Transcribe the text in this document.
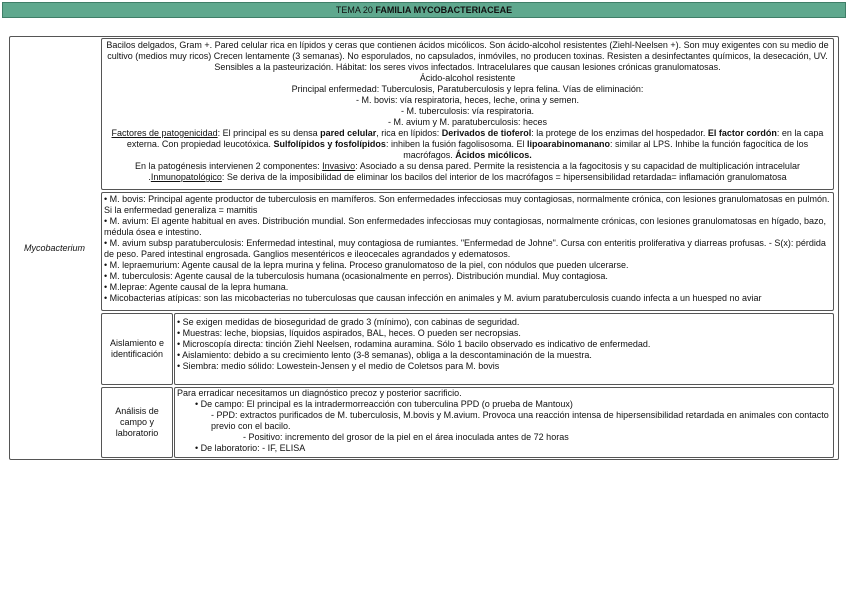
TEMA 20 FAMILIA MYCOBACTERIACEAE
Mycobacterium

Bacilos delgados, Gram +. Pared celular rica en lípidos y ceras que contienen ácidos micólicos. Son ácido-alcohol resistentes (Ziehl-Neelsen +). Son muy exigentes con su medio de cultivo (medios muy ricos) Crecen lentamente (3 semanas). No esporulados, no capsulados, inmóviles, no producen toxinas. Resisten a desinfectantes químicos, la desecación, UV. Sensibles a la pasteurización. Hábitat: los seres vivos infectados. Intracelulares que causan lesiones crónicas granulomatosas.

Ácido-alcohol resistente

Principal enfermedad: Tuberculosis, Paratuberculosis y lepra felina. Vías de eliminación:

- M. bovis: vía respiratoria, heces, leche, orina y semen.

- M. tuberculosis: vía respiratoria.

- M. avium y M. paratuberculosis: heces

Factores de patogenicidad: El principal es su densa pared celular, rica en lípidos: Derivados de tioferol: la protege de los enzimas del hospedador. El factor cordón: en la capa externa. Con propiedad leucotóxica. Sulfolípidos y fosfolípidos: inhiben la fusión fagolisosoma. El lipoarabinomanano: similar al LPS. Inhibe la función fagocítica de los macrófagos. Ácidos micólicos.

En la patogénesis intervienen 2 componentes: Invasivo: Asociado a su densa pared. Permite la resistencia a la fagocitosis y su capacidad de multiplicación intracelular .Inmunopatológico: Se deriva de la imposibilidad de eliminar los bacilos del interior de los macrófagos = hipersensibilidad retardada= inflamación granulomatosa

• M. bovis: Principal agente productor de tuberculosis en mamíferos. Son enfermedades infecciosas muy contagiosas, normalmente crónica, con lesiones granulomatosas en pulmón. Si la enfermedad generaliza = mamitis

• M. avium: El agente habitual en aves. Distribución mundial. Son enfermedades infecciosas muy contagiosas, normalmente crónicas, con lesiones granulomatosas en hígado, bazo, médula ósea e intestino.

• M. avium subsp paratuberculosis: Enfermedad intestinal, muy contagiosa de rumiantes. "Enfermedad de Johne". Cursa con enteritis proliferativa y diarreas profusas. - S(x): pérdida de peso. Pared intestinal engrosada. Ganglios mesentéricos e ileocecales agrandados y edematosos.

• M. lepraemurium: Agente causal de la lepra murina y felina. Proceso granulomatoso de la piel, con nódulos que pueden ulcerarse.

• M. tuberculosis: Agente causal de la tuberculosis humana (ocasionalmente en perros). Distribución mundial. Muy contagiosa.

• M.leprae: Agente causal de la lepra humana.

• Micobacterias atípicas: son las micobacterias no tuberculosas que causan infección en animales y M. avium paratuberculosis cuando infecta a un huesped no aviar

Aislamiento e identificación

• Se exigen medidas de bioseguridad de grado 3 (mínimo), con cabinas de seguridad.

• Muestras: leche, biopsias, líquidos aspirados, BAL, heces. O pueden ser necropsias.

• Microscopía directa: tinción Ziehl Neelsen, rodamina auramina. Sólo 1 bacilo observado es indicativo de enfermedad.

• Aislamiento: debido a su crecimiento lento (3-8 semanas), obliga a la descontaminación de la muestra.

• Siembra: medio sólido: Lowestein-Jensen y el medio de Coletsos para M. bovis

Análisis de campo y laboratorio

Para erradicar necesitamos un diagnóstico precoz y posterior sacrificio.

• De campo: El principal es la intradermorreacción con tuberculina PPD (o prueba de Mantoux)

- PPD: extractos purificados de M. tuberculosis, M.bovis y M.avium. Provoca una reacción intensa de hipersensibilidad retardada en animales con contacto previo con el bacilo.

- Positivo: incremento del grosor de la piel en el área inoculada antes de 72 horas

• De laboratorio: - IF, ELISA
